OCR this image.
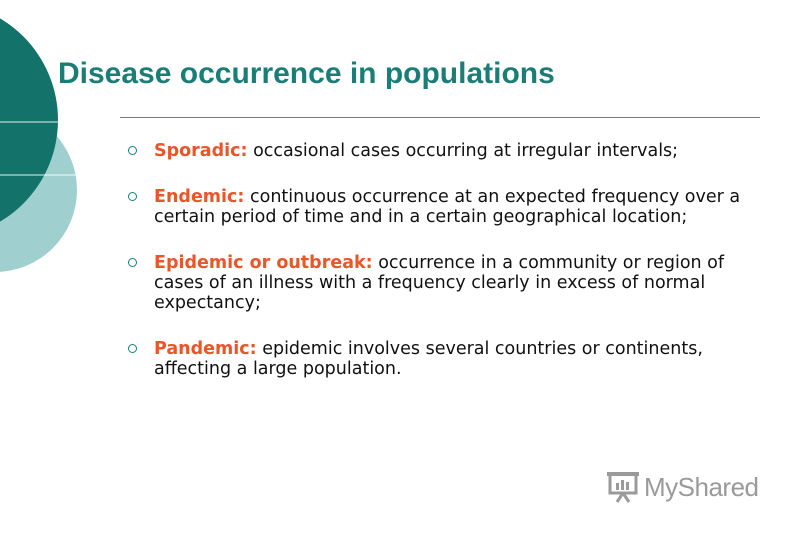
Disease occurrence in populations
Sporadic: occasional cases occurring at irregular intervals;
Endemic: continuous occurrence at an expected frequency over a certain period of time and in a certain geographical location;
Epidemic or outbreak: occurrence in a community or region of cases of an illness with a frequency clearly in excess of normal expectancy;
Pandemic: epidemic involves several countries or continents, affecting a large population.
MyShared
